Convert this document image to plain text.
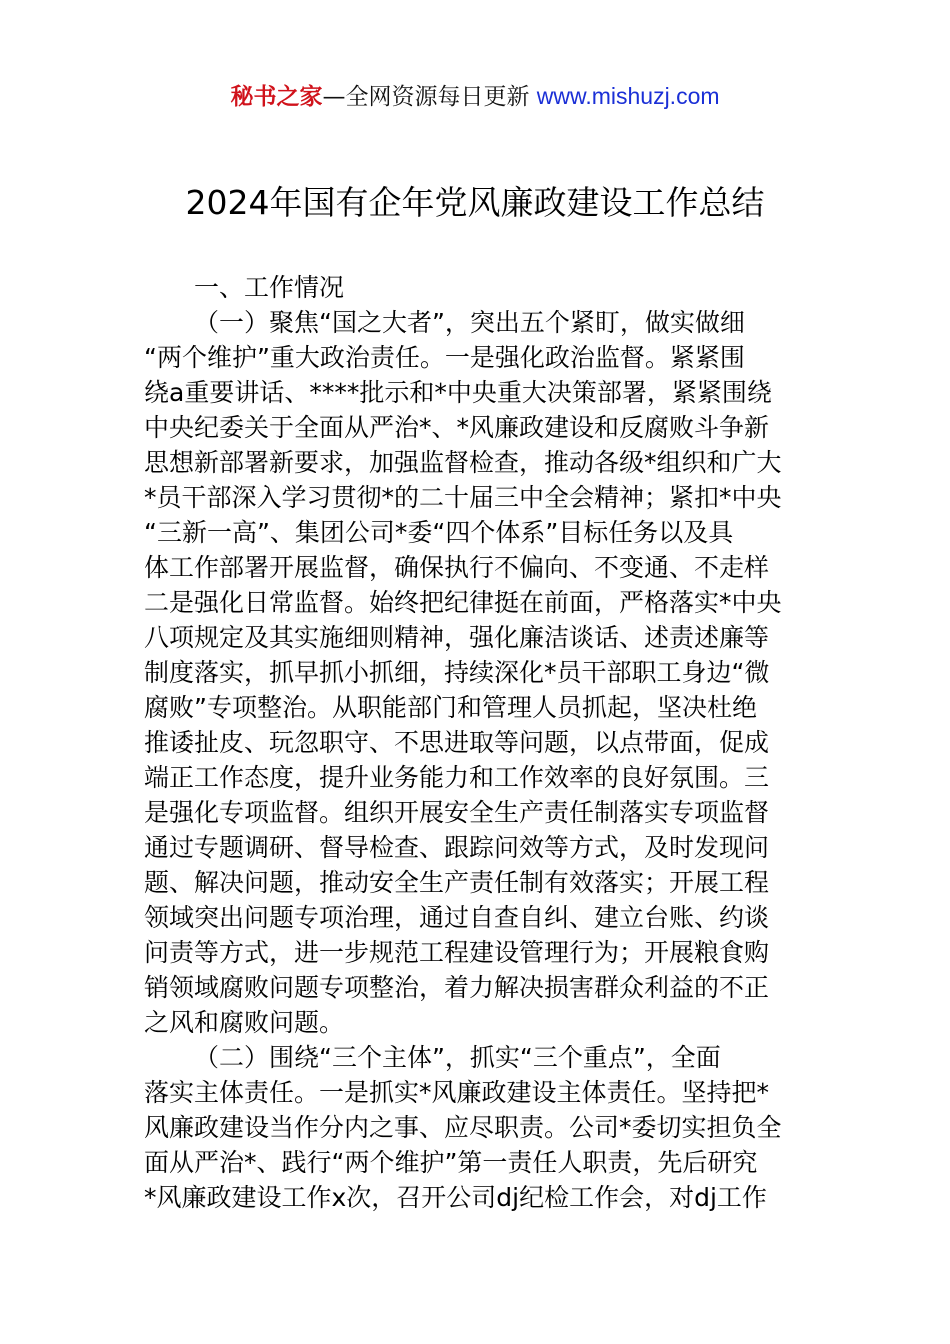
秘书之家—全网资源每日更新 www.mishuzj.com
2024年国有企年党风廉政建设工作总结
一、工作情况
（一）聚焦“国之大者”，突出五个紧盯，做实做细
“两个维护”重大政治责任。一是强化政治监督。紧紧围
绕a重要讲话、****批示和*中央重大决策部署，紧紧围绕
中央纪委关于全面从严治*、*风廉政建设和反腐败斗争新
思想新部署新要求，加强监督检查，推动各级*组织和广大
*员干部深入学习贯彻*的二十届三中全会精神；紧扣*中央
“三新一高”、集团公司*委“四个体系”目标任务以及具
体工作部署开展监督，确保执行不偏向、不变通、不走样
二是强化日常监督。始终把纪律挺在前面，严格落实*中央
八项规定及其实施细则精神，强化廉洁谈话、述责述廉等
制度落实，抓早抓小抓细，持续深化*员干部职工身边“微
腐败”专项整治。从职能部门和管理人员抓起，坚决杜绝
推诿扯皮、玩忽职守、不思进取等问题，以点带面，促成
端正工作态度，提升业务能力和工作效率的良好氛围。三
是强化专项监督。组织开展安全生产责任制落实专项监督
通过专题调研、督导检查、跟踪问效等方式，及时发现问
题、解决问题，推动安全生产责任制有效落实；开展工程
领域突出问题专项治理，通过自查自纠、建立台账、约谈
问责等方式，进一步规范工程建设管理行为；开展粮食购
销领域腐败问题专项整治，着力解决损害群众利益的不正
之风和腐败问题。
（二）围绕“三个主体”，抓实“三个重点”，全面
落实主体责任。一是抓实*风廉政建设主体责任。坚持把*
风廉政建设当作分内之事、应尽职责。公司*委切实担负全
面从严治*、践行“两个维护”第一责任人职责，先后研究
*风廉政建设工作x次，召开公司dj纪检工作会，对dj工作
